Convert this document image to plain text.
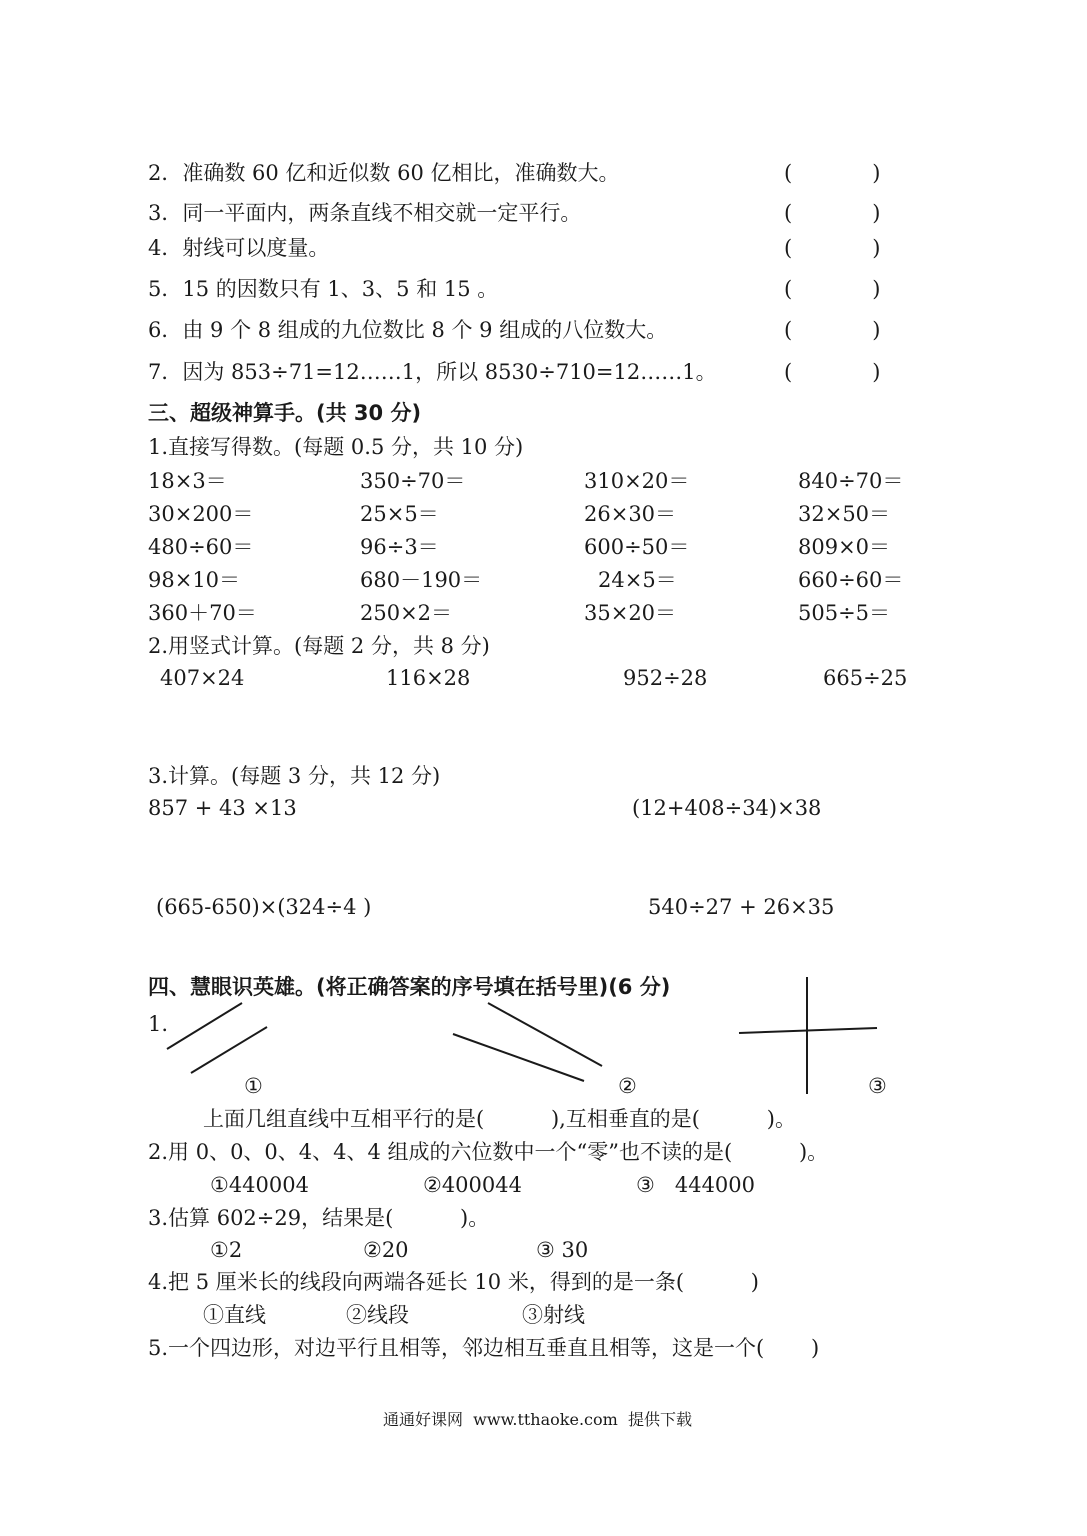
2．准确数 60 亿和近似数 60 亿相比，准确数大。	(            )
3．同一平面内，两条直线不相交就一定平行。	(            )
4．射线可以度量。	(            )
5．15 的因数只有 1、3、5 和 15 。	(            )
6．由 9 个 8 组成的九位数比 8 个 9 组成的八位数大。	(            )
7．因为 853÷71=12……1，所以 8530÷710=12……1。	(            )
三、超级神算手。(共 30 分)
1.直接写得数。(每题 0.5 分，共 10 分)
18×3＝	350÷70＝	310×20＝	840÷70＝
30×200＝	25×5＝	26×30＝	32×50＝
480÷60＝	96÷3＝	600÷50＝	809×0＝
98×10＝	680－190＝	24×5＝	660÷60＝
360＋70＝	250×2＝	35×20＝	505÷5＝
2.用竖式计算。(每题 2 分，共 8 分)
407×24	116×28	952÷28	665÷25
3.计算。(每题 3 分，共 12 分)
857 + 43 ×13	(12+408÷34)×38
(665-650)×(324÷4 )	540÷27 + 26×35
四、慧眼识英雄。(将正确答案的序号填在括号里)(6 分)
1.
①	②	③
上面几组直线中互相平行的是(          ),互相垂直的是(          )。
2.用 0、0、0、4、4、4 组成的六位数中一个“零”也不读的是(          )。
①440004	②400044	③   444000
3.估算 602÷29，结果是(          )。
①2	②20	③ 30
4.把 5 厘米长的线段向两端各延长 10 米，得到的是一条(          )
①直线	②线段	③射线
5.一个四边形，对边平行且相等，邻边相互垂直且相等，这是一个(       )
通通好课网  www.tthaoke.com  提供下载
